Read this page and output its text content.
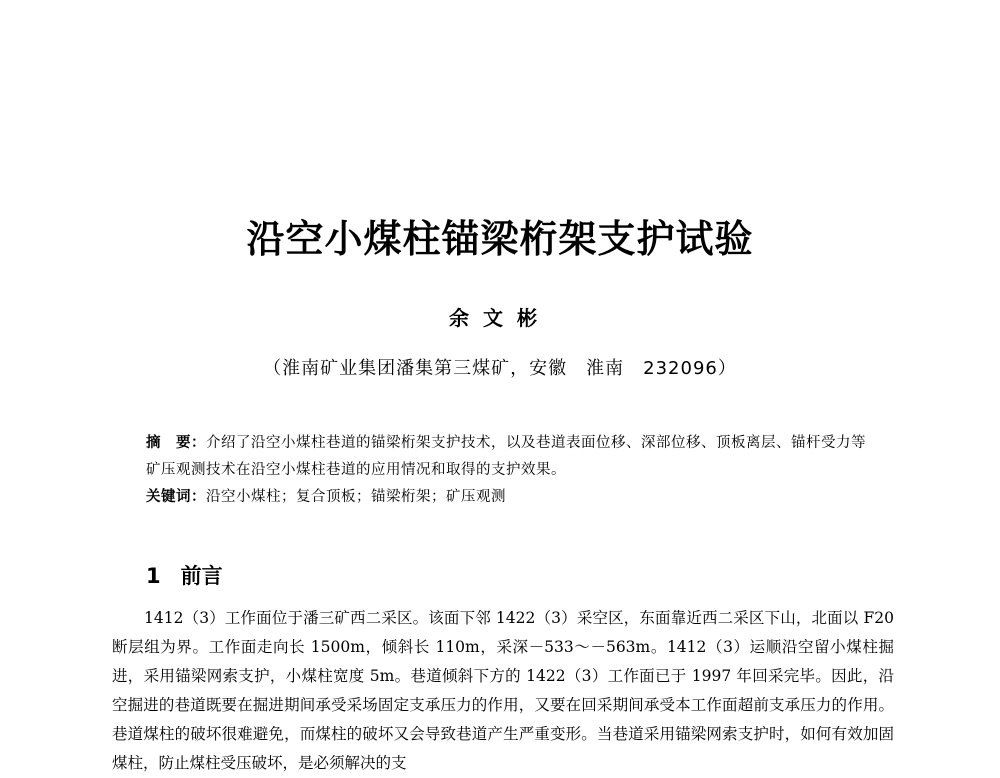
沿空小煤柱锚梁桁架支护试验
余文彬
（淮南矿业集团潘集第三煤矿，安徽　淮南　232096）

摘　要：介绍了沿空小煤柱巷道的锚梁桁架支护技术，以及巷道表面位移、深部位移、顶板离层、锚杆受力等矿压观测技术在沿空小煤柱巷道的应用情况和取得的支护效果。

关键词：沿空小煤柱；复合顶板；锚梁桁架；矿压观测

1 前言

1412（3）工作面位于潘三矿西二采区。该面下邻 1422（3）采空区，东面靠近西二采区下山，北面以 F20 断层组为界。工作面走向长 1500m，倾斜长 110m，采深－533～－563m。1412（3）运顺沿空留小煤柱掘进，采用锚梁网索支护，小煤柱宽度 5m。巷道倾斜下方的 1422（3）工作面已于 1997 年回采完毕。因此，沿空掘进的巷道既要在掘进期间承受采场固定支承压力的作用，又要在回采期间承受本工作面超前支承压力的作用。巷道煤柱的破坏很难避免，而煤柱的破坏又会导致巷道产生严重变形。当巷道采用锚梁网索支护时，如何有效加固煤柱，防止煤柱受压破坏，是必须解决的支
